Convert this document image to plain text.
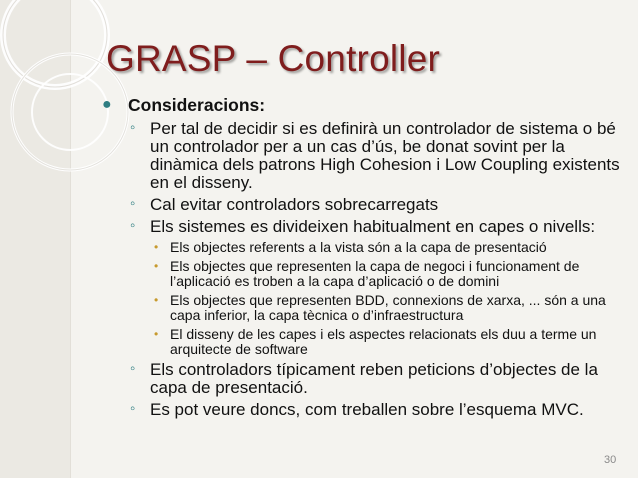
GRASP – Controller
● Consideracions:
◦ Per tal de decidir si es definirà un controlador de sistema o bé un controlador per a un cas d’ús, be donat sovint per la dinàmica dels patrons High Cohesion i Low Coupling existents en el disseny.
◦ Cal evitar controladors sobrecarregats
◦ Els sistemes es divideixen habitualment en capes o nivells:
• Els objectes referents a la vista són a la capa de presentació
• Els objectes que representen la capa de negoci i funcionament de l’aplicació es troben a la capa d’aplicació o de domini
• Els objectes que representen BDD, connexions de xarxa, ... són a una capa inferior, la capa tècnica o d’infraestructura
• El disseny de les capes i els aspectes relacionats els duu a terme un arquitecte de software
◦ Els controladors típicament reben peticions d’objectes de la capa de presentació.
◦ Es pot veure doncs, com treballen sobre l’esquema MVC.
30
